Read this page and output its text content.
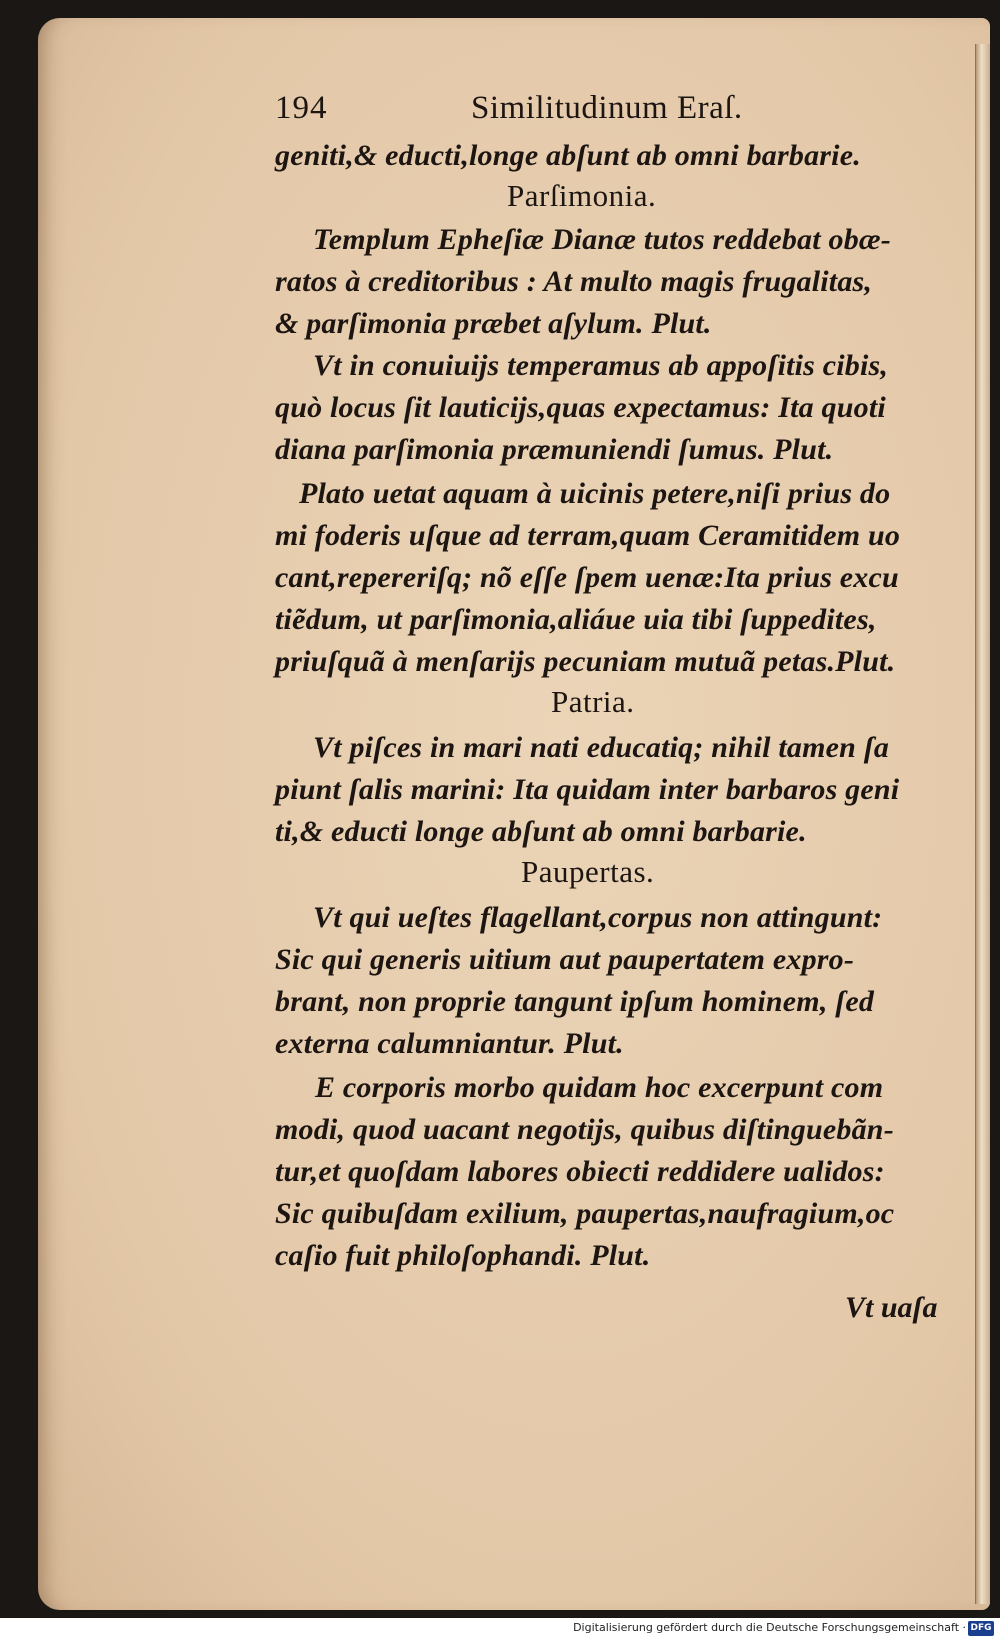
194	Similitudinum Eraſ.
geniti,& educti,longe abſunt ab omni barbarie.
Parſimonia.
Templum Epheſiæ Dianæ tutos reddebat obæ-
ratos à creditoribus : At multo magis frugalitas,
& parſimonia præbet aſylum. Plut.
Vt in conuiuijs temperamus ab appoſitis cibis,
quò locus ſit lauticijs,quas expectamus: Ita quoti
diana parſimonia præmuniendi ſumus. Plut.
Plato uetat aquam à uicinis petere,niſi prius do
mi foderis uſque ad terram,quam Ceramitidem uo
cant,repereriſq; nõ eſſe ſpem uenæ:Ita prius excu
tiẽdum, ut parſimonia,aliáue uia tibi ſuppedites,
priuſquã à menſarijs pecuniam mutuã petas.Plut.
Patria.
Vt piſces in mari nati educatiq; nihil tamen ſa
piunt ſalis marini: Ita quidam inter barbaros geni
ti,& educti longe abſunt ab omni barbarie.
Paupertas.
Vt qui ueſtes flagellant,corpus non attingunt:
Sic qui generis uitium aut paupertatem expro-
brant, non proprie tangunt ipſum hominem, ſed
externa calumniantur. Plut.
E corporis morbo quidam hoc excerpunt com
modi, quod uacant negotijs, quibus diſtinguebãn-
tur,et quoſdam labores obiecti reddidere ualidos:
Sic quibuſdam exilium, paupertas,naufragium,oc
caſio fuit philoſophandi. Plut.
Vt uaſa
Digitalisierung gefördert durch die Deutsche Forschungsgemeinschaft · DFG
